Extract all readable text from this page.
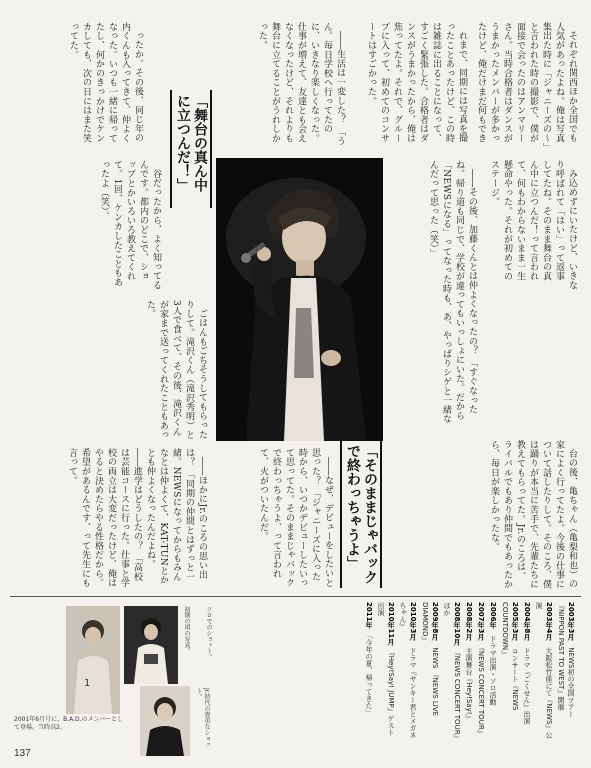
それぞれ関西ほか全国でも人気があったよね。俺は写真集出た時に「ジャニーズの〜」と言われた時の撮影で、僕が面接で会ったのはアンマリーさん。当時合格者はダンスがうまかったメンバーが多かったけど、俺だけまだ何もでき

れまで、同期には写真を撮ったことあったけど、この時は雑誌に出ることになって、すごく緊張した。合格者はダンスがうまかったから、俺は焦ってたよ。それで、グループに入って、初めてのコンサートはすごかった。

――生活は一変した？ 「うん。毎日学校へ行ってたのに、いきなり楽しくなった。仕事が増えて、友達とも会えなくなったけど、それよりも舞台に立てることがうれしかった。

ったか。その後、同じ年の内くんも入ってきて、仲よくなった。いつも一緒に帰ってたし、何かのきっかけでケンカしても、次の日にはまた笑ってた。

み込めずにいたけど、いきなり呼ばれて「はい」って返事してたね。そのまま舞台の真ん中に立つんだ！って言われて、何もわからないまま一生懸命やった。それが初めてのステージ。

――その後、加藤くんとは仲よくなったの？ 「すぐなったね。帰り道も同じで、学校が違ってもいっしょにいた。だから「NEWSになる」ってなった時も、あ、やっぱりシゲと一緒なんだって思った（笑）」

「舞台の真ん中に立つんだ！」

谷だったから、よく知ってるんです。都内のどこで、ショップとかいろいろ教えてくれて。1回、ケンカしたこともあったよ（笑）。

台の後、亀ちゃん（亀梨和也）の家によく行ってたよ。今後の仕事について話したりして。そのころ、僕は踊りが本当に苦手で、先輩たちに教えてもらってた。Jr.のころは、ライバルでもあり仲間でもあったから、毎日が楽しかったな。

「そのままじゃバックで終わっちゃうよ」

ごはんもごちそうしてもらったりして。滝沢くん（滝沢秀明）と3人で食べて、その後、滝沢くんが家まで送ってくれたこともあった。

――なぜ、デビューをしたいと思った？ 「ジャニーズに入った時から、いつかデビューしたいって思ってた。そのままじゃバックで終わっちゃうよ、って言われて、火がついたんだ。

――ほかにJr.のころの思い出は？ 「同期の仲間とはずっと一緒。NEWSになってからもみんなとは仲よくて、KAT-TUNとかとも仲よくなったんだよね。　 ――進学はどうしたの？ 「高校は芸能コースに行った。仕事と学校の両立は大変だったけど、俺はやると決めたらやる性格だから。希望があるんです、って先生にも言って。

1
2001年6月号に、B.A.D.のメンバーとして登場。当時高2。
初期の頃の写真。
Jr.時代の貴重なショット。
ソロでのショット。	2003年3月　NEWS初の全国ツアー『NIPPON PAST TO WEST』開催
2003年4月　大阪松竹座にて『NEWS』公演
2004年8月　ドラマ『ごくせん』出演
2005年3月　コンサート『NEWS COUNTDOWN』
2006年　ドラマ出演・ソロ活動
2007年3月　『NEWS CONCERT TOUR』
2008年2月　主演舞台『Hey!Say!』
2008年10月　『NEWS CONCERT TOUR』ほか
2009年8月　NEWS 『NEWS LIVE DIAMOND』
2010年3月　ドラマ『ヤンキー君とメガネちゃん』
2010年11月　『Hey!Say! JUMP』ゲスト出演
2011年　「今年の夏、帰ってきた」
137
